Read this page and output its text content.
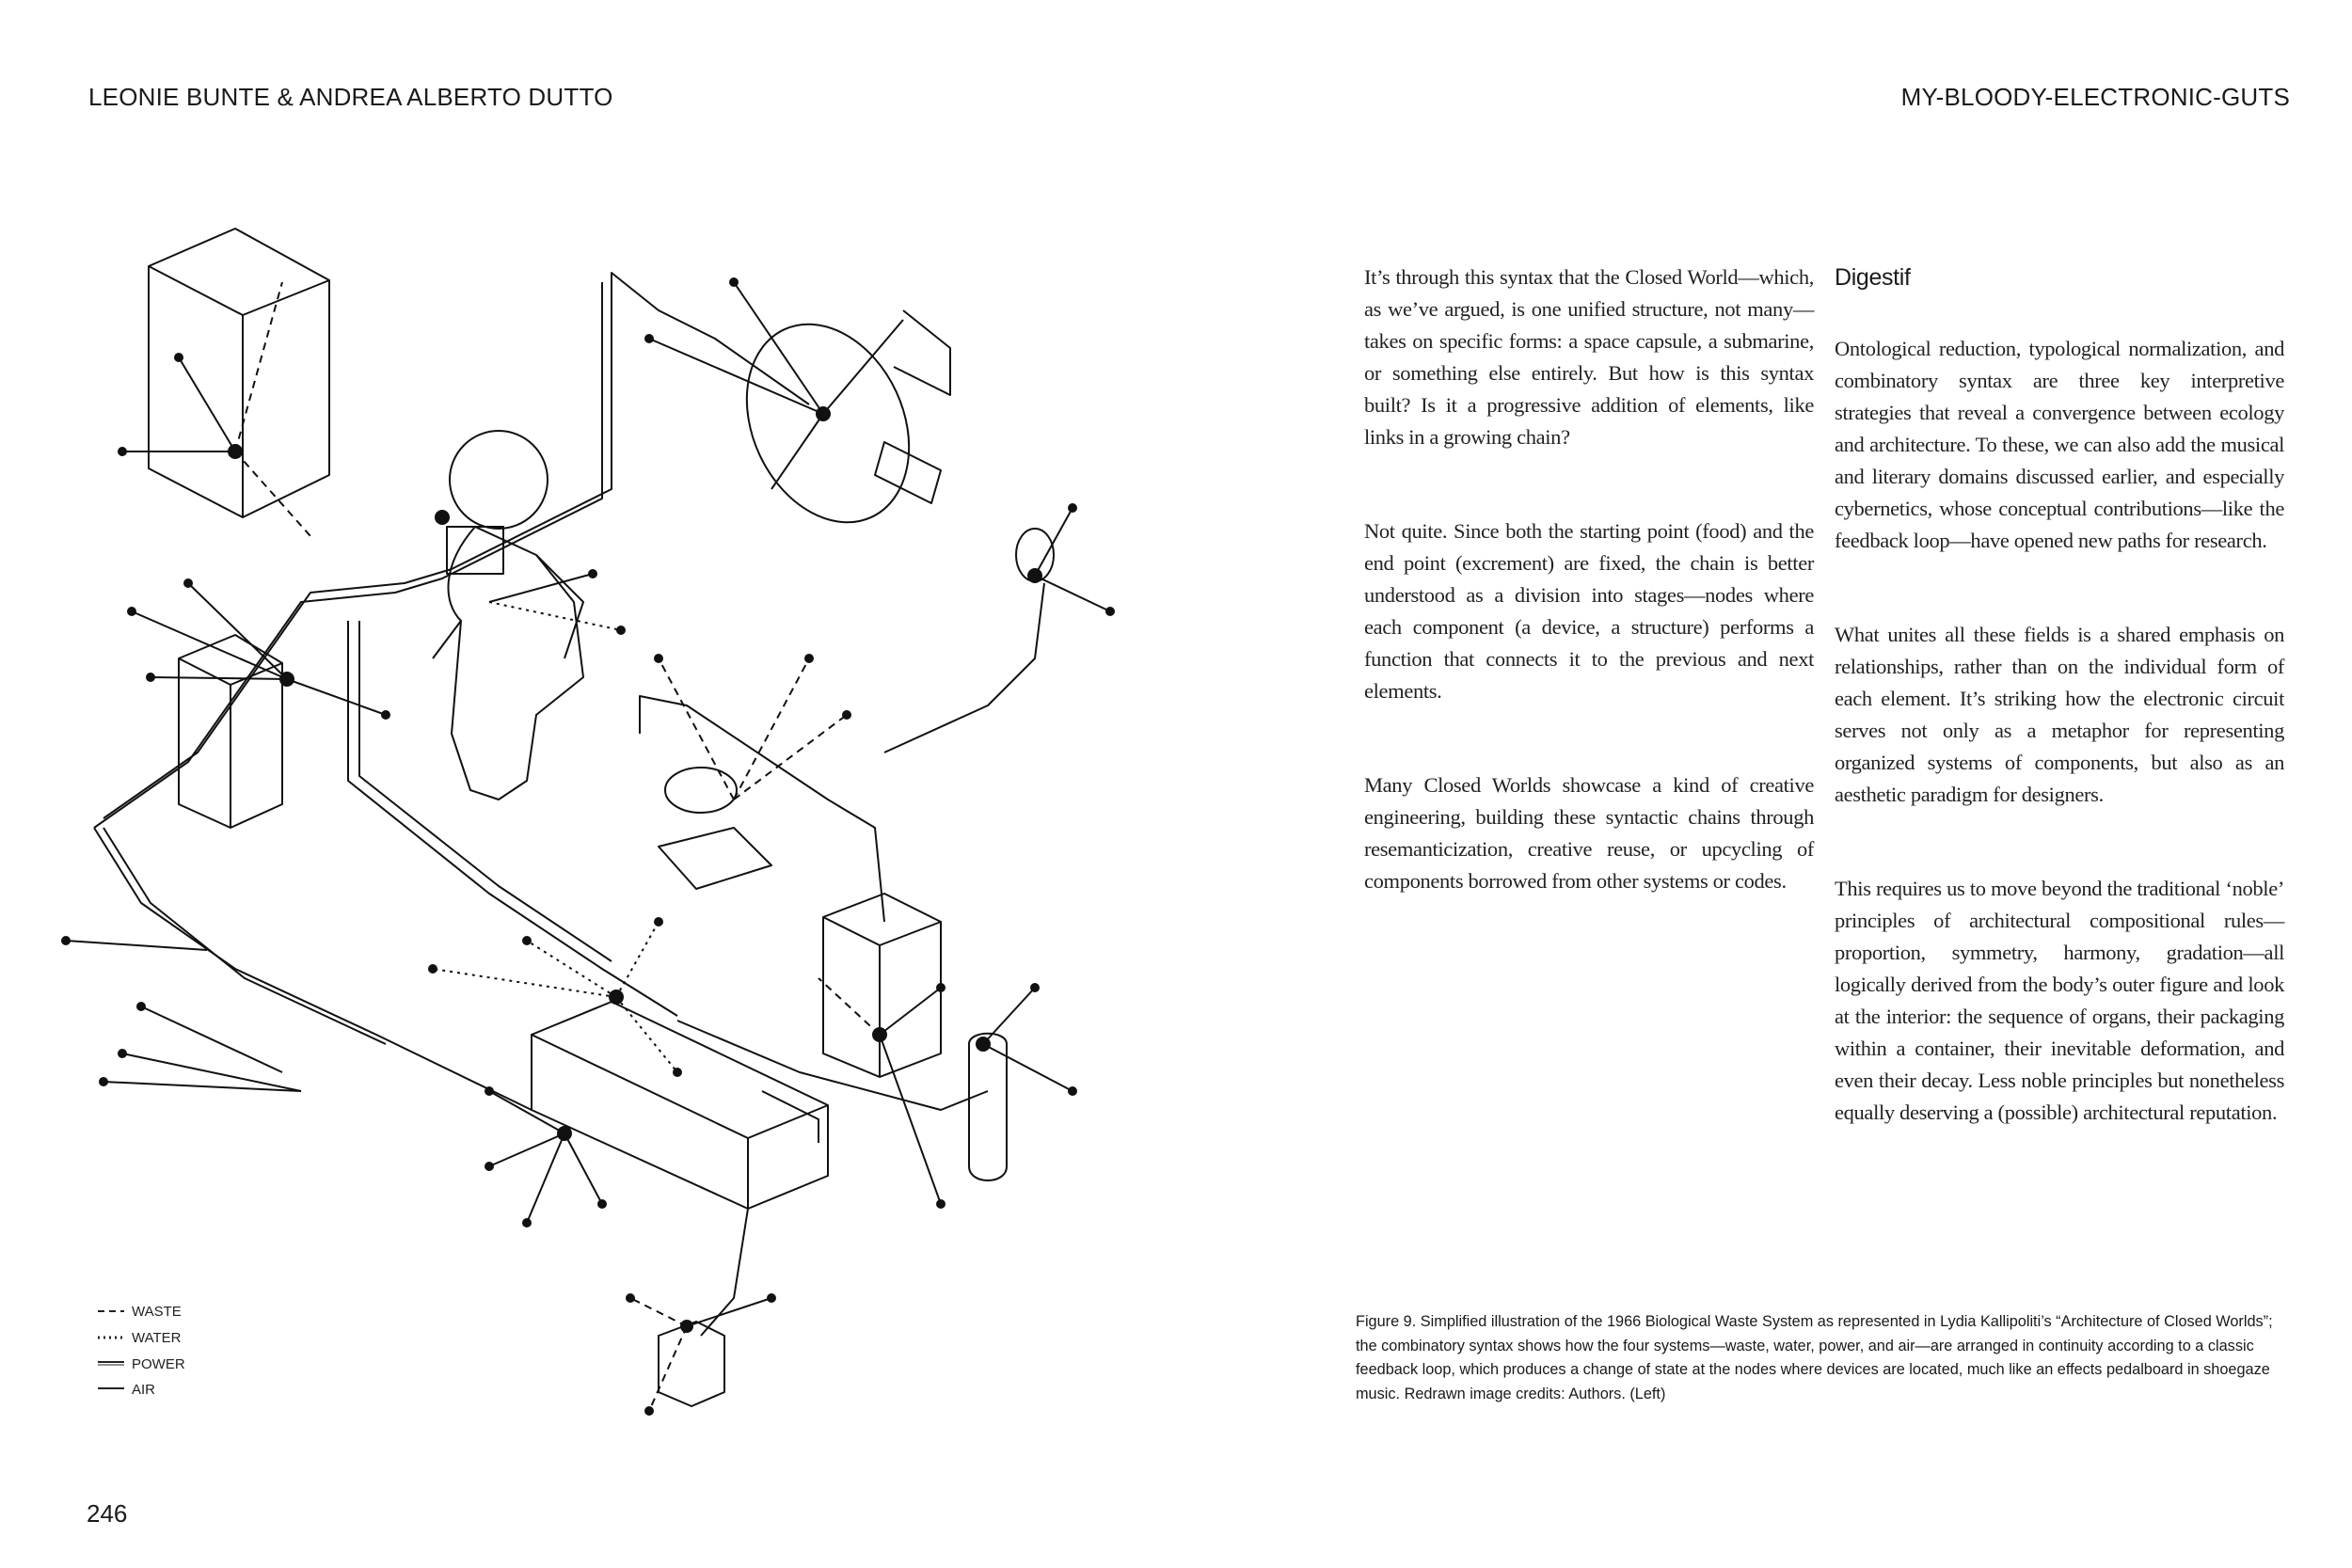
LEONIE BUNTE & ANDREA ALBERTO DUTTO	MY-BLOODY-ELECTRONIC-GUTS
WASTE
WATER
POWER
AIR

It’s through this syntax that the Closed World—which, as we’ve argued, is one unified structure, not many—takes on specific forms: a space capsule, a submarine, or something else entirely. But how is this syntax built? Is it a progressive addition of elements, like links in a growing chain?

Not quite. Since both the starting point (food) and the end point (excrement) are fixed, the chain is better understood as a division into stages—nodes where each component (a device, a structure) performs a function that connects it to the previous and next elements.

Many Closed Worlds showcase a kind of creative engineering, building these syntactic chains through resemanticization, creative reuse, or upcycling of components borrowed from other systems or codes.

Digestif

Ontological reduction, typological normalization, and combinatory syntax are three key interpretive strategies that reveal a convergence between ecology and architecture. To these, we can also add the musical and literary domains discussed earlier, and especially cybernetics, whose conceptual contributions—like the feedback loop—have opened new paths for research.

What unites all these fields is a shared emphasis on relationships, rather than on the individual form of each element. It’s striking how the electronic circuit serves not only as a metaphor for representing organized systems of components, but also as an aesthetic paradigm for designers.

This requires us to move beyond the traditional ‘noble’ principles of architectural compositional rules—proportion, symmetry, harmony, gradation—all logically derived from the body’s outer figure and look at the interior: the sequence of organs, their packaging within a container, their inevitable deformation, and even their decay. Less noble principles but nonetheless equally deserving a (possible) architectural reputation.

Figure 9. Simplified illustration of the 1966 Biological Waste System as represented in Lydia Kallipoliti’s “Architecture of Closed Worlds”; the combinatory syntax shows how the four systems—waste, water, power, and air—are arranged in continuity according to a classic feedback loop, which produces a change of state at the nodes where devices are located, much like an effects pedalboard in shoegaze music. Redrawn image credits: Authors. (Left)
246
